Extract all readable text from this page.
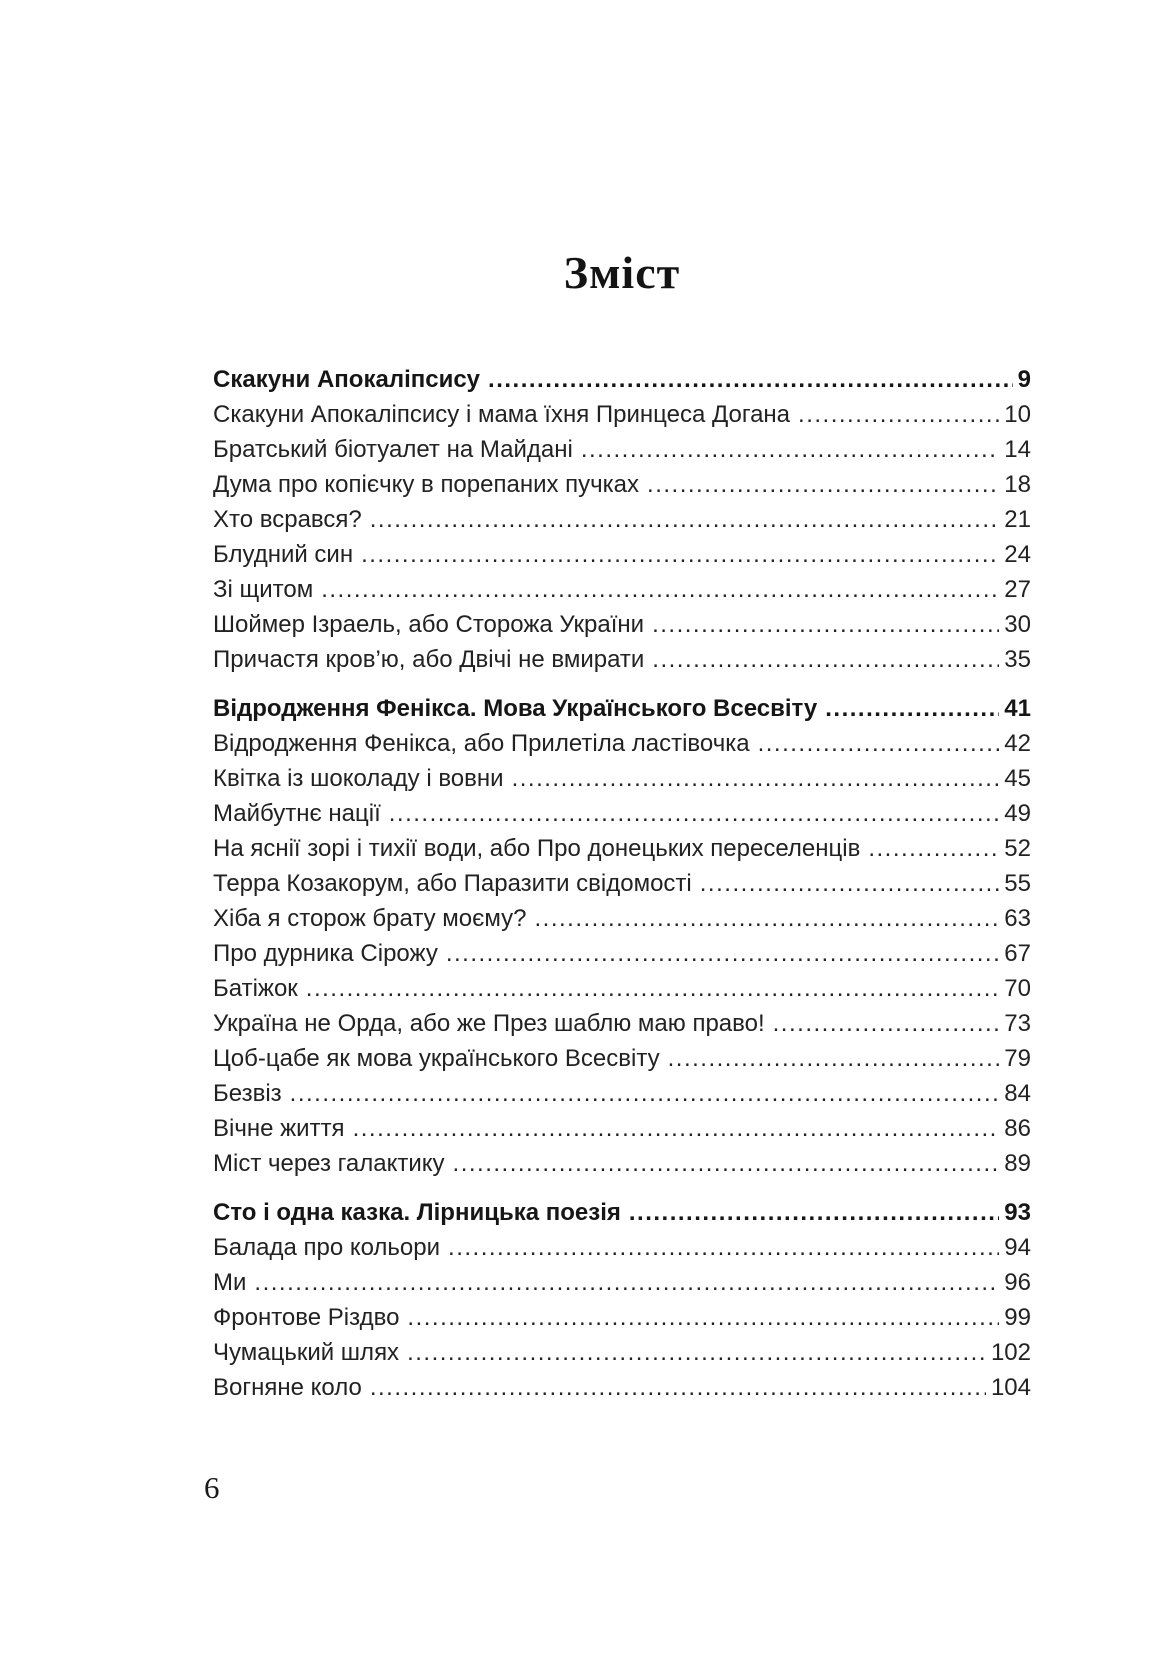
Зміст
Скакуни Апокаліпсису .....	9
Скакуни Апокаліпсису і мама їхня Принцеса Догана .....	10
Братський біотуалет на Майдані .....	14
Дума про копієчку в порепаних пучках .....	18
Хто всрався? .....	21
Блудний син .....	24
Зі щитом .....	27
Шоймер Ізраель, або Сторожа України .....	30
Причастя кров’ю, або Двічі не вмирати .....	35
Відродження Фенікса. Мова Українського Всесвіту .....	41
Відродження Фенікса, або Прилетіла ластівочка .....	42
Квітка із шоколаду і вовни .....	45
Майбутнє нації .....	49
На яснії зорі і тихії води, або Про донецьких переселенців .....	52
Терра Козакорум, або Паразити свідомості .....	55
Хіба я сторож брату моєму? .....	63
Про дурника Сірожу .....	67
Батіжок .....	70
Україна не Орда, або же През шаблю маю право! .....	73
Цоб-цабе як мова українського Всесвіту .....	79
Безвіз .....	84
Вічне життя .....	86
Міст через галактику .....	89
Сто і одна казка. Лірницька поезія .....	93
Балада про кольори .....	94
Ми .....	96
Фронтове Різдво .....	99
Чумацький шлях .....	102
Вогняне коло .....	104
6
